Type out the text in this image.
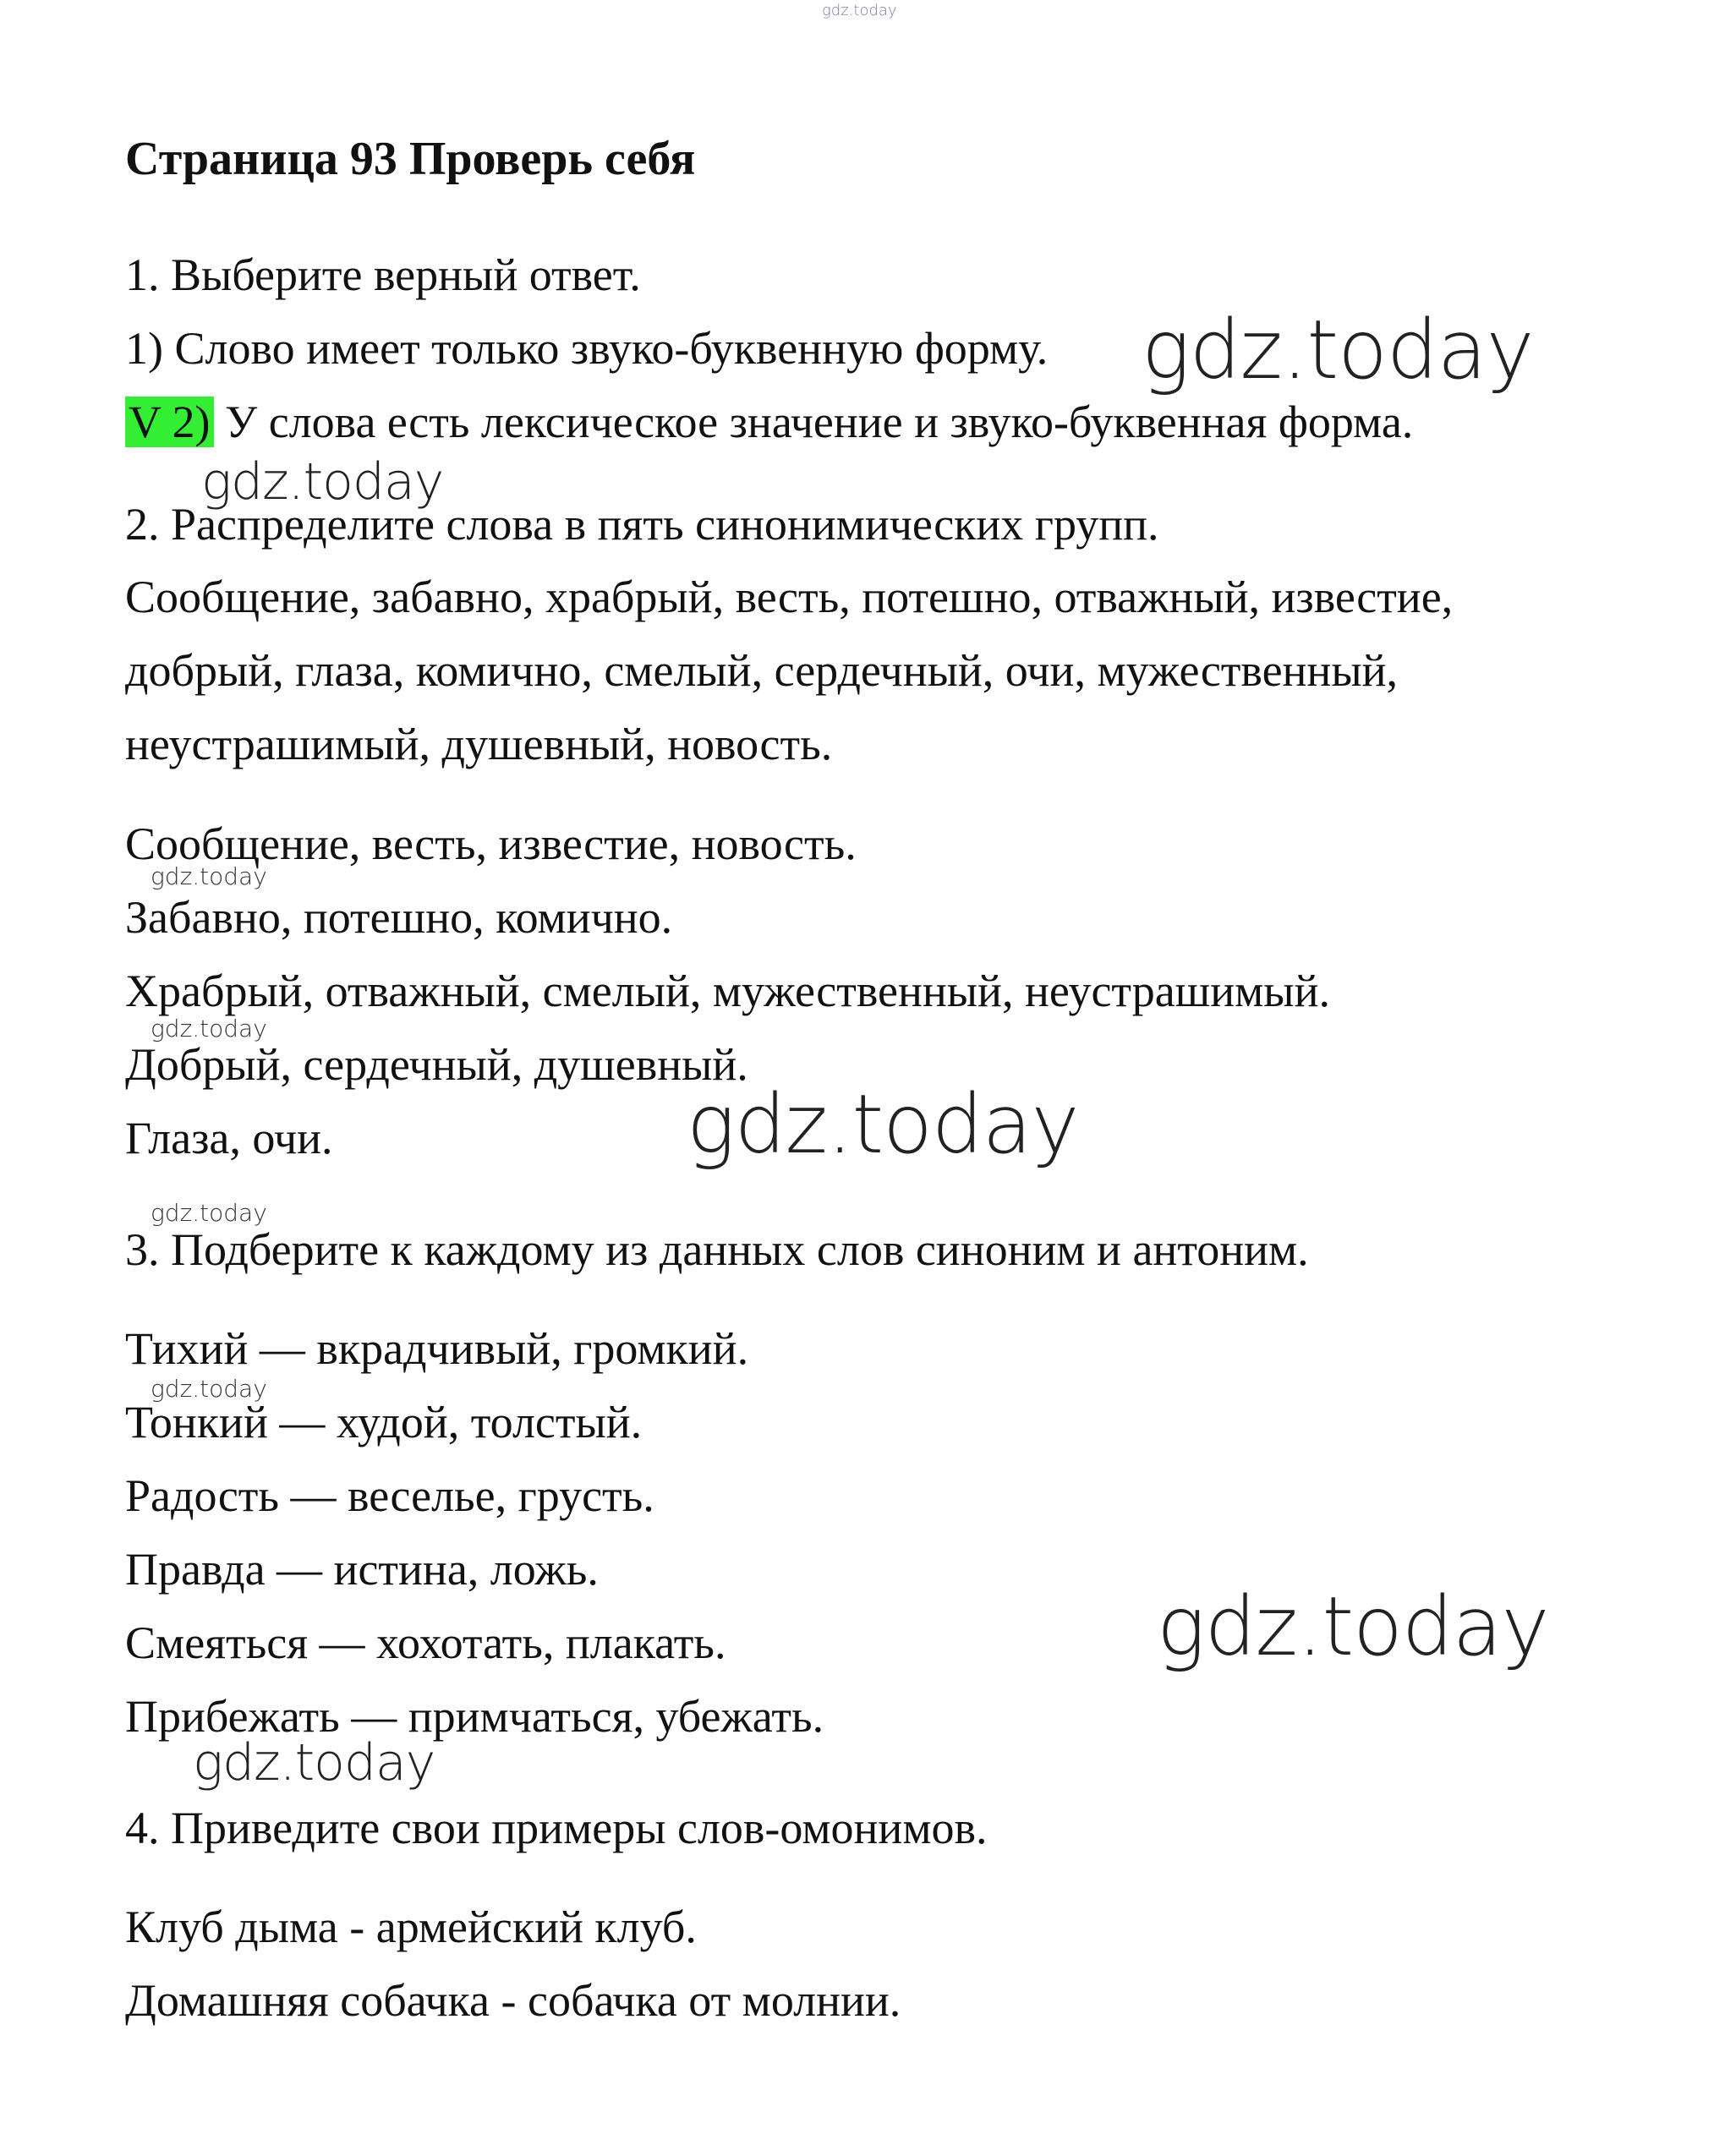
gdz.today
Страница 93 Проверь себя
1. Выберите верный ответ.
1) Слово имеет только звуко-буквенную форму.
V 2) У слова есть лексическое значение и звуко-буквенная форма.
2. Распределите слова в пять синонимических групп.
Сообщение, забавно, храбрый, весть, потешно, отважный, известие,
добрый, глаза, комично, смелый, сердечный, очи, мужественный,
неустрашимый, душевный, новость.
Сообщение, весть, известие, новость.
Забавно, потешно, комично.
Храбрый, отважный, смелый, мужественный, неустрашимый.
Добрый, сердечный, душевный.
Глаза, очи.
3. Подберите к каждому из данных слов синоним и антоним.
Тихий — вкрадчивый, громкий.
Тонкий — худой, толстый.
Радость — веселье, грусть.
Правда — истина, ложь.
Смеяться — хохотать, плакать.
Прибежать — примчаться, убежать.
4. Приведите свои примеры слов-омонимов.
Клуб дыма - армейский клуб.
Домашняя собачка - собачка от молнии.
gdz.today
gdz.today
gdz.today
gdz.today
gdz.today
gdz.today
gdz.today
gdz.today
gdz.today
